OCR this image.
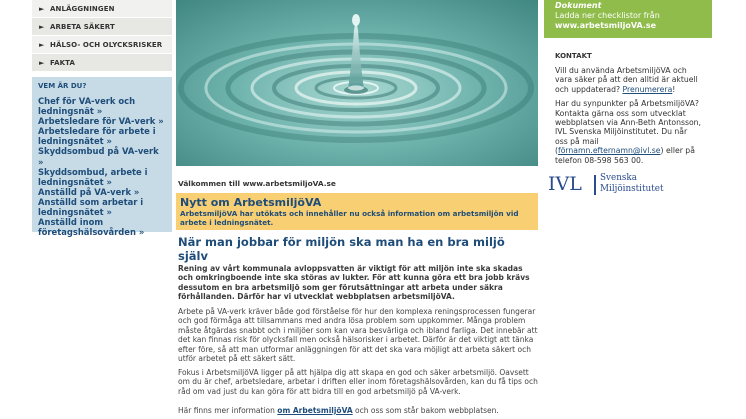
► ANLÄGGNINGEN
► ARBETA SÄKERT
► HÄLSO- OCH OLYCKSRISKER
► FAKTA
VEM ÄR DU?
Chef för VA-verk och ledningsnät »
Arbetsledare för VA-verk »
Arbetsledare för arbete i ledningsnätet »
Skyddsombud på VA-verk »
Skyddsombud, arbete i ledningsnätet »
Anställd på VA-verk »
Anställd som arbetar i ledningsnätet »
Anställd inom företagshälsovården »
Välkommen till www.arbetsmiljoVA.se
Nytt om ArbetsmiljöVA
ArbetsmiljöVA har utökats och innehåller nu också information om arbetsmiljön vid arbete i ledningsnätet.
När man jobbar för miljön ska man ha en bra miljö själv
Rening av vårt kommunala avloppsvatten är viktigt för att miljön inte ska skadas och omkringboende inte ska störas av lukter. För att kunna göra ett bra jobb krävs dessutom en bra arbetsmiljö som ger förutsättningar att arbeta under säkra förhållanden. Därför har vi utvecklat webbplatsen arbetsmiljöVA.
Arbete på VA-verk kräver både god förståelse för hur den komplexa reningsprocessen fungerar och god förmåga att tillsammans med andra lösa problem som uppkommer. Många problem måste åtgärdas snabbt och i miljöer som kan vara besvärliga och ibland farliga. Det innebär att det kan finnas risk för olycksfall men också hälsorisker i arbetet. Därför är det viktigt att tänka efter före, så att man utformar anläggningen för att det ska vara möjligt att arbeta säkert och utför arbetet på ett säkert sätt.
Fokus i ArbetsmiljöVA ligger på att hjälpa dig att skapa en god och säker arbetsmiljö. Oavsett om du är chef, arbetsledare, arbetar i driften eller inom företagshälsovården, kan du få tips och råd om vad just du kan göra för att bidra till en god arbetsmiljö på VA-verk.
Här finns mer information om ArbetsmiljöVA och oss som står bakom webbplatsen.
Dokument
Ladda ner checklistor från
www.arbetsmiljoVA.se
KONTAKT
Vill du använda ArbetsmiljöVA och vara säker på att den alltid är aktuell och uppdaterad? Prenumerera!
Har du synpunkter på ArbetsmiljöVA? Kontakta gärna oss som utvecklat webbplatsen via Ann-Beth Antonsson, IVL Svenska Miljöinstitutet. Du når oss på mail (förnamn.efternamn@ivl.se) eller på telefon 08-598 563 00.
IVL Svenska
Miljöinstitutet
